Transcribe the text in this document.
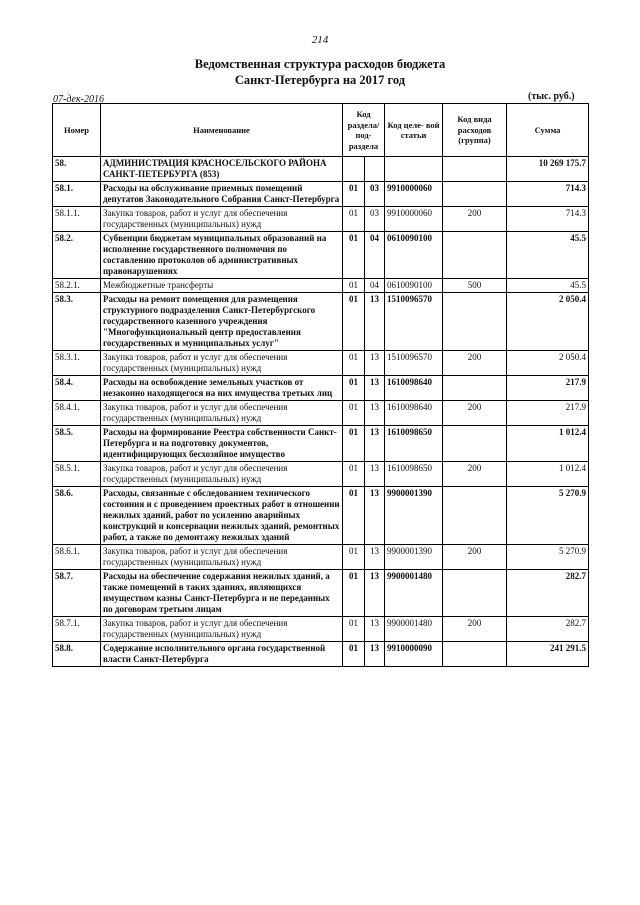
214
Ведомственная структура расходов бюджета
Санкт-Петербурга на 2017 год
07-дек-2016	(тыс. руб.)
Номер	Наименование	Код раздела/ под- раздела		Код целе- вой статьи	Код вида расходов (группа)	Сумма
58.	АДМИНИСТРАЦИЯ КРАСНОСЕЛЬСКОГО РАЙОНА САНКТ-ПЕТЕРБУРГА (853)					10 269 175.7
58.1.	Расходы на обслуживание приемных помещений депутатов Законодательного Собрания Санкт-Петербурга	01	03	9910000060		714.3
58.1.1.	Закупка товаров, работ и услуг для обеспечения государственных (муниципальных) нужд	01	03	9910000060	200	714.3
58.2.	Субвенции бюджетам муниципальных образований на исполнение государственного полномочия по составлению протоколов об административных правонарушениях	01	04	0610090100		45.5
58.2.1.	Межбюджетные трансферты	01	04	0610090100	500	45.5
58.3.	Расходы на ремонт помещения для размещения структурного подразделения Санкт-Петербургского государственного казенного учреждения "Многофункциональный центр предоставления государственных и муниципальных услуг"	01	13	1510096570		2 050.4
58.3.1.	Закупка товаров, работ и услуг для обеспечения государственных (муниципальных) нужд	01	13	1510096570	200	2 050.4
58.4.	Расходы на освобождение земельных участков от незаконно находящегося на них имущества третьих лиц	01	13	1610098640		217.9
58.4.1.	Закупка товаров, работ и услуг для обеспечения государственных (муниципальных) нужд	01	13	1610098640	200	217.9
58.5.	Расходы на формирование Реестра собственности Санкт-Петербурга и на подготовку документов, идентифицирующих бесхозяйное имущество	01	13	1610098650		1 012.4
58.5.1.	Закупка товаров, работ и услуг для обеспечения государственных (муниципальных) нужд	01	13	1610098650	200	1 012.4
58.6.	Расходы, связанные с обследованием технического состояния и с проведением проектных работ в отношении нежилых зданий, работ по усилению аварийных конструкций и консервации нежилых зданий, ремонтных работ, а также по демонтажу нежилых зданий	01	13	9900001390		5 270.9
58.6.1.	Закупка товаров, работ и услуг для обеспечения государственных (муниципальных) нужд	01	13	9900001390	200	5 270.9
58.7.	Расходы на обеспечение содержания нежилых зданий, а также помещений в таких зданиях, являющихся имуществом казны Санкт-Петербурга и не переданных по договорам третьим лицам	01	13	9900001480		282.7
58.7.1.	Закупка товаров, работ и услуг для обеспечения государственных (муниципальных) нужд	01	13	9900001480	200	282.7
58.8.	Содержание исполнительного органа государственной власти Санкт-Петербурга	01	13	9910000090		241 291.5
